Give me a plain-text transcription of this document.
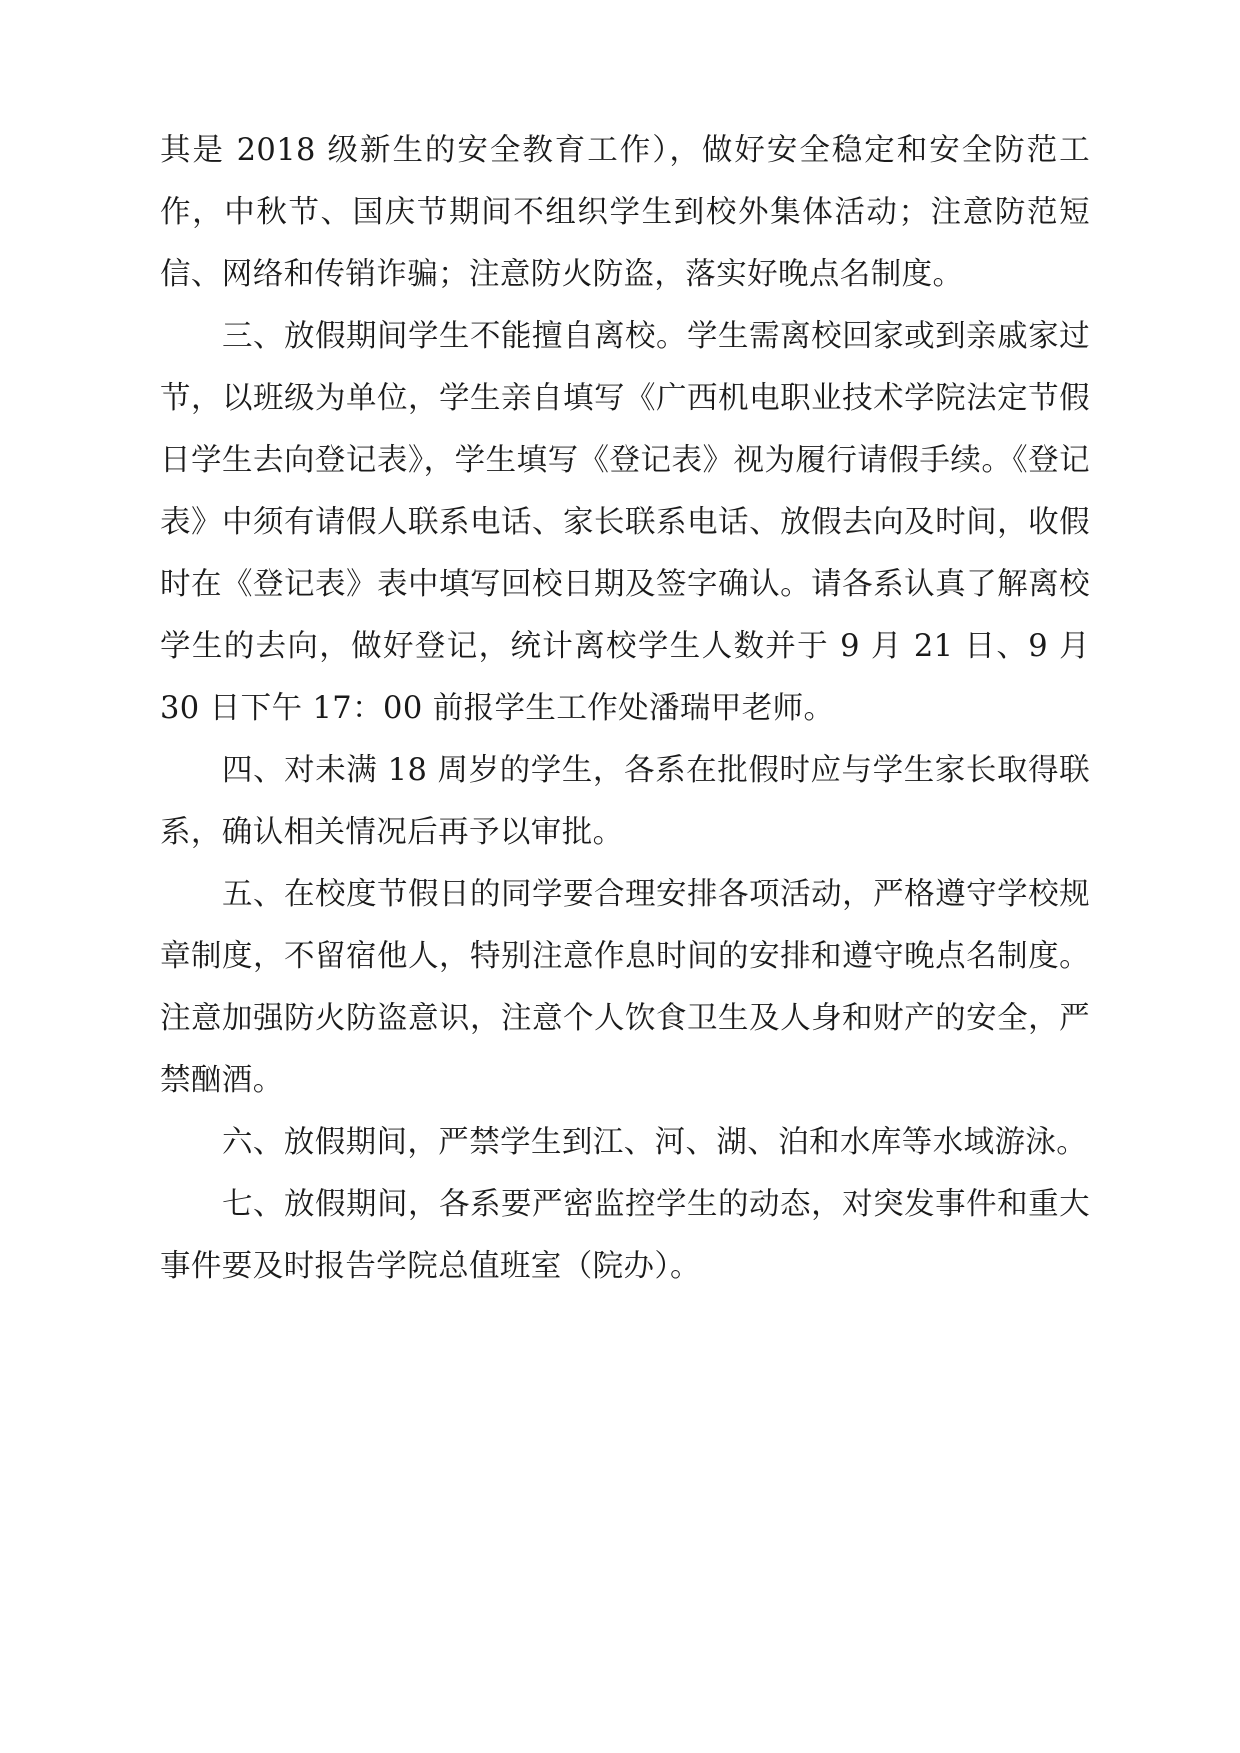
其是 2018 级新生的安全教育工作），做好安全稳定和安全防范工作，中秋节、国庆节期间不组织学生到校外集体活动；注意防范短信、网络和传销诈骗；注意防火防盗，落实好晚点名制度。

三、放假期间学生不能擅自离校。学生需离校回家或到亲戚家过节，以班级为单位，学生亲自填写《广西机电职业技术学院法定节假日学生去向登记表》，学生填写《登记表》视为履行请假手续。《登记表》中须有请假人联系电话、家长联系电话、放假去向及时间，收假时在《登记表》表中填写回校日期及签字确认。请各系认真了解离校学生的去向，做好登记，统计离校学生人数并于 9 月 21 日、9 月 30 日下午 17：00 前报学生工作处潘瑞甲老师。

四、对未满 18 周岁的学生，各系在批假时应与学生家长取得联系，确认相关情况后再予以审批。

五、在校度节假日的同学要合理安排各项活动，严格遵守学校规章制度，不留宿他人，特别注意作息时间的安排和遵守晚点名制度。注意加强防火防盗意识，注意个人饮食卫生及人身和财产的安全，严禁酗酒。

六、放假期间，严禁学生到江、河、湖、泊和水库等水域游泳。

七、放假期间，各系要严密监控学生的动态，对突发事件和重大事件要及时报告学院总值班室（院办）。
